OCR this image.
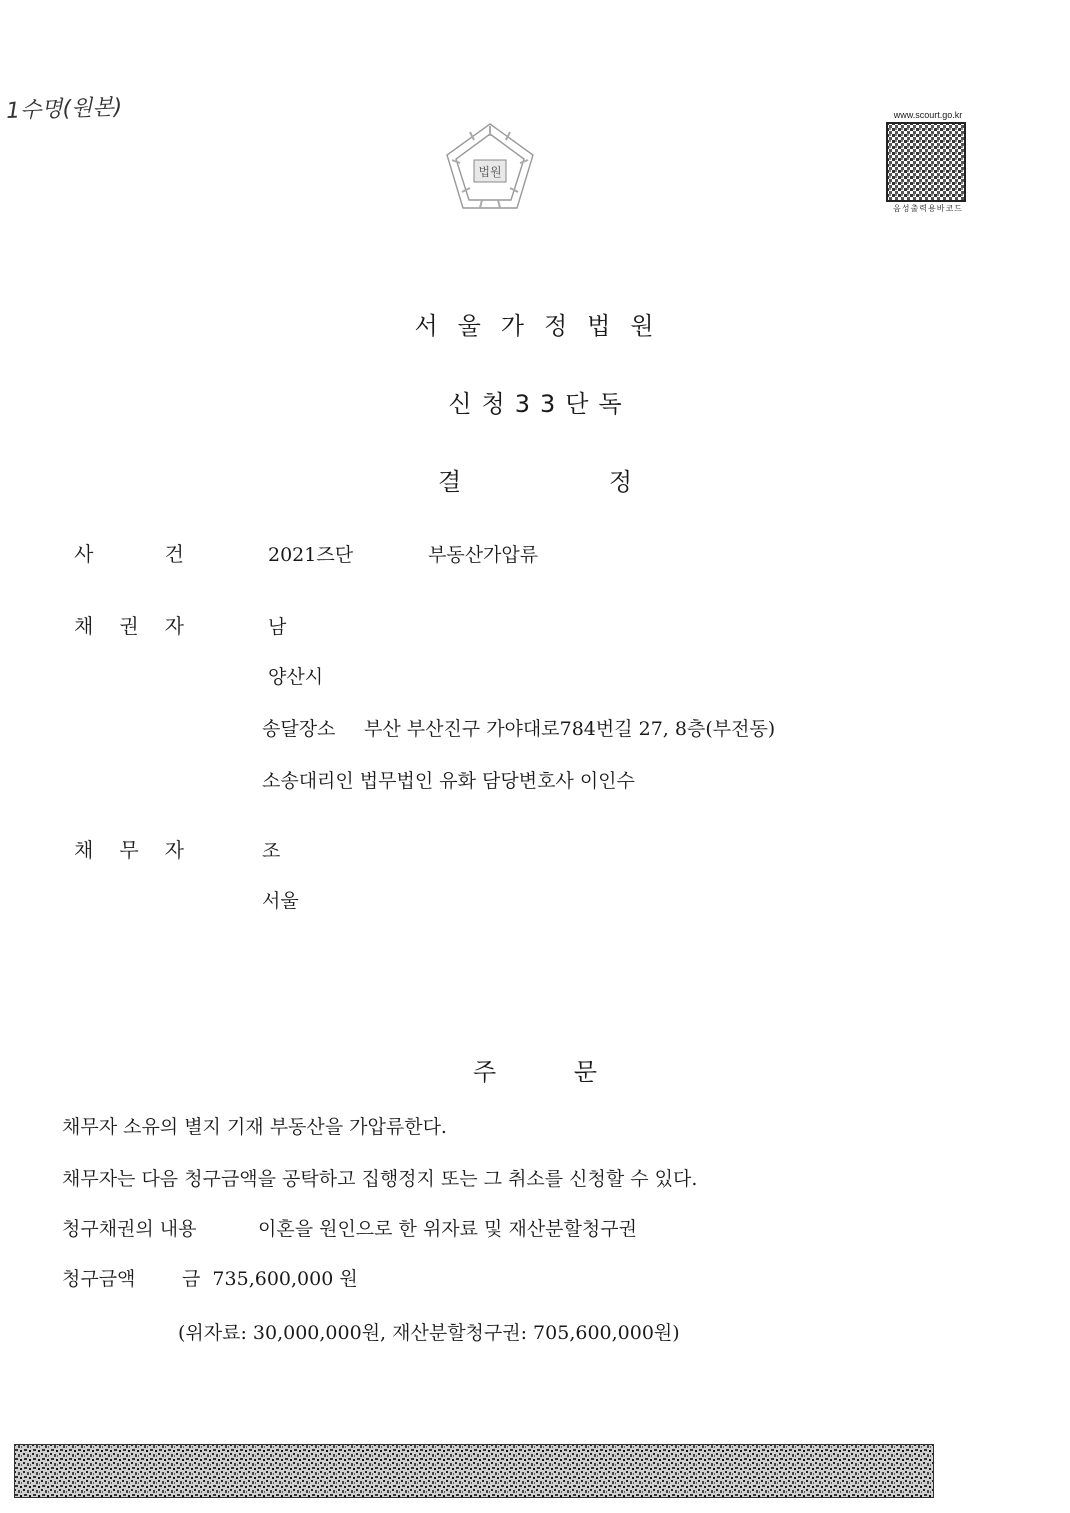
1수명(원본)
법원
www.scourt.go.kr
음성출력용바코드
서울가정법원
신청33단독
결	정
사	건	2021즈단	부동산가압류
채 권 자	남
양산시
송달장소 부산 부산진구 가야대로784번길 27, 8층(부전동)
소송대리인 법무법인 유화 담당변호사 이인수
채 무 자	조
서울
주	문
채무자 소유의 별지 기재 부동산을 가압류한다.
채무자는 다음 청구금액을 공탁하고 집행정지 또는 그 취소를 신청할 수 있다.
청구채권의 내용	이혼을 원인으로 한 위자료 및 재산분할청구권
청구금액 금  735,600,000 원
(위자료: 30,000,000원, 재산분할청구권: 705,600,000원)
